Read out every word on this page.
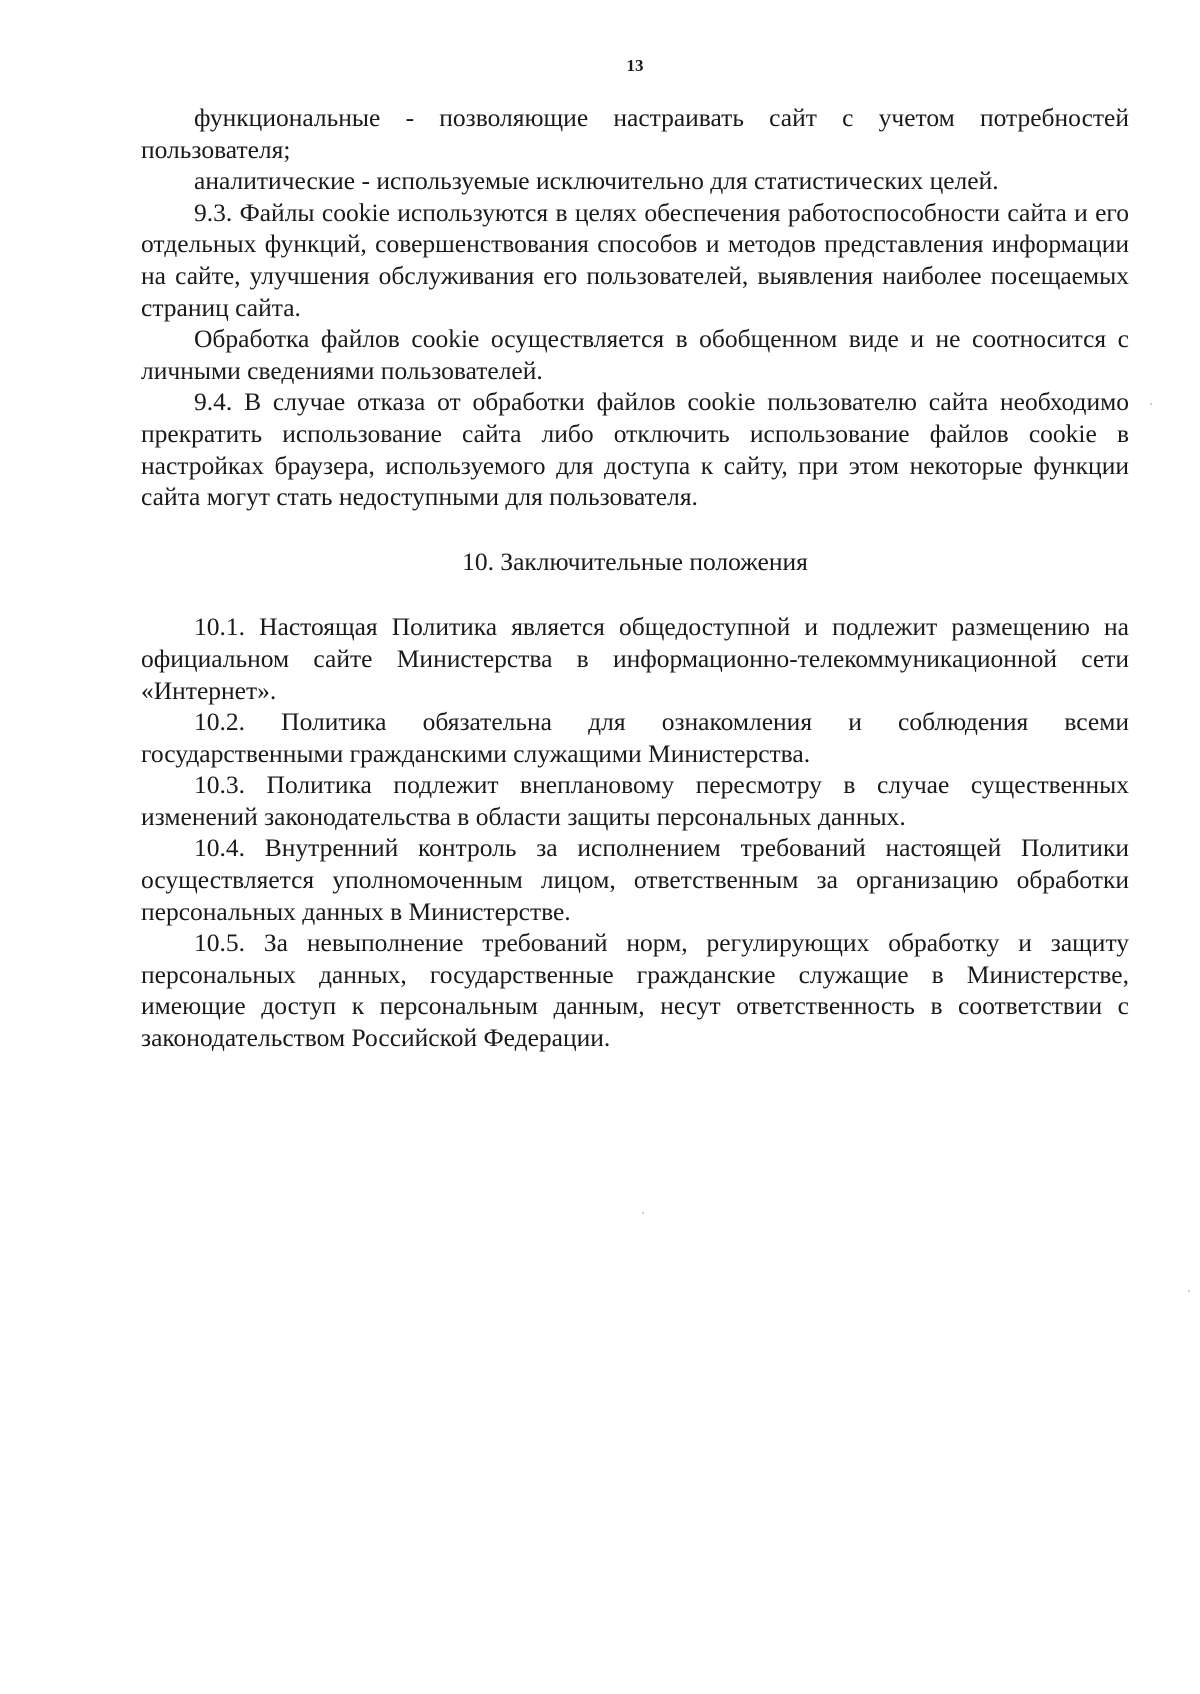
13

функциональные - позволяющие настраивать сайт с учетом потребностей пользователя;

аналитические - используемые исключительно для статистических целей.

9.3. Файлы cookie используются в целях обеспечения работоспособности сайта и его отдельных функций, совершенствования способов и методов представления информации на сайте, улучшения обслуживания его пользователей, выявления наиболее посещаемых страниц сайта.

Обработка файлов cookie осуществляется в обобщенном виде и не соотносится с личными сведениями пользователей.

9.4. В случае отказа от обработки файлов cookie пользователю сайта необходимо прекратить использование сайта либо отключить использование файлов cookie в настройках браузера, используемого для доступа к сайту, при этом некоторые функции сайта могут стать недоступными для пользователя.

10. Заключительные положения

10.1. Настоящая Политика является общедоступной и подлежит размещению на официальном сайте Министерства в информационно-телекоммуникационной сети «Интернет».

10.2. Политика обязательна для ознакомления и соблюдения всеми государственными гражданскими служащими Министерства.

10.3. Политика подлежит внеплановому пересмотру в случае существенных изменений законодательства в области защиты персональных данных.

10.4. Внутренний контроль за исполнением требований настоящей Политики осуществляется уполномоченным лицом, ответственным за организацию обработки персональных данных в Министерстве.

10.5. За невыполнение требований норм, регулирующих обработку и защиту персональных данных, государственные гражданские служащие в Министерстве, имеющие доступ к персональным данным, несут ответственность в соответствии с законодательством Российской Федерации.
